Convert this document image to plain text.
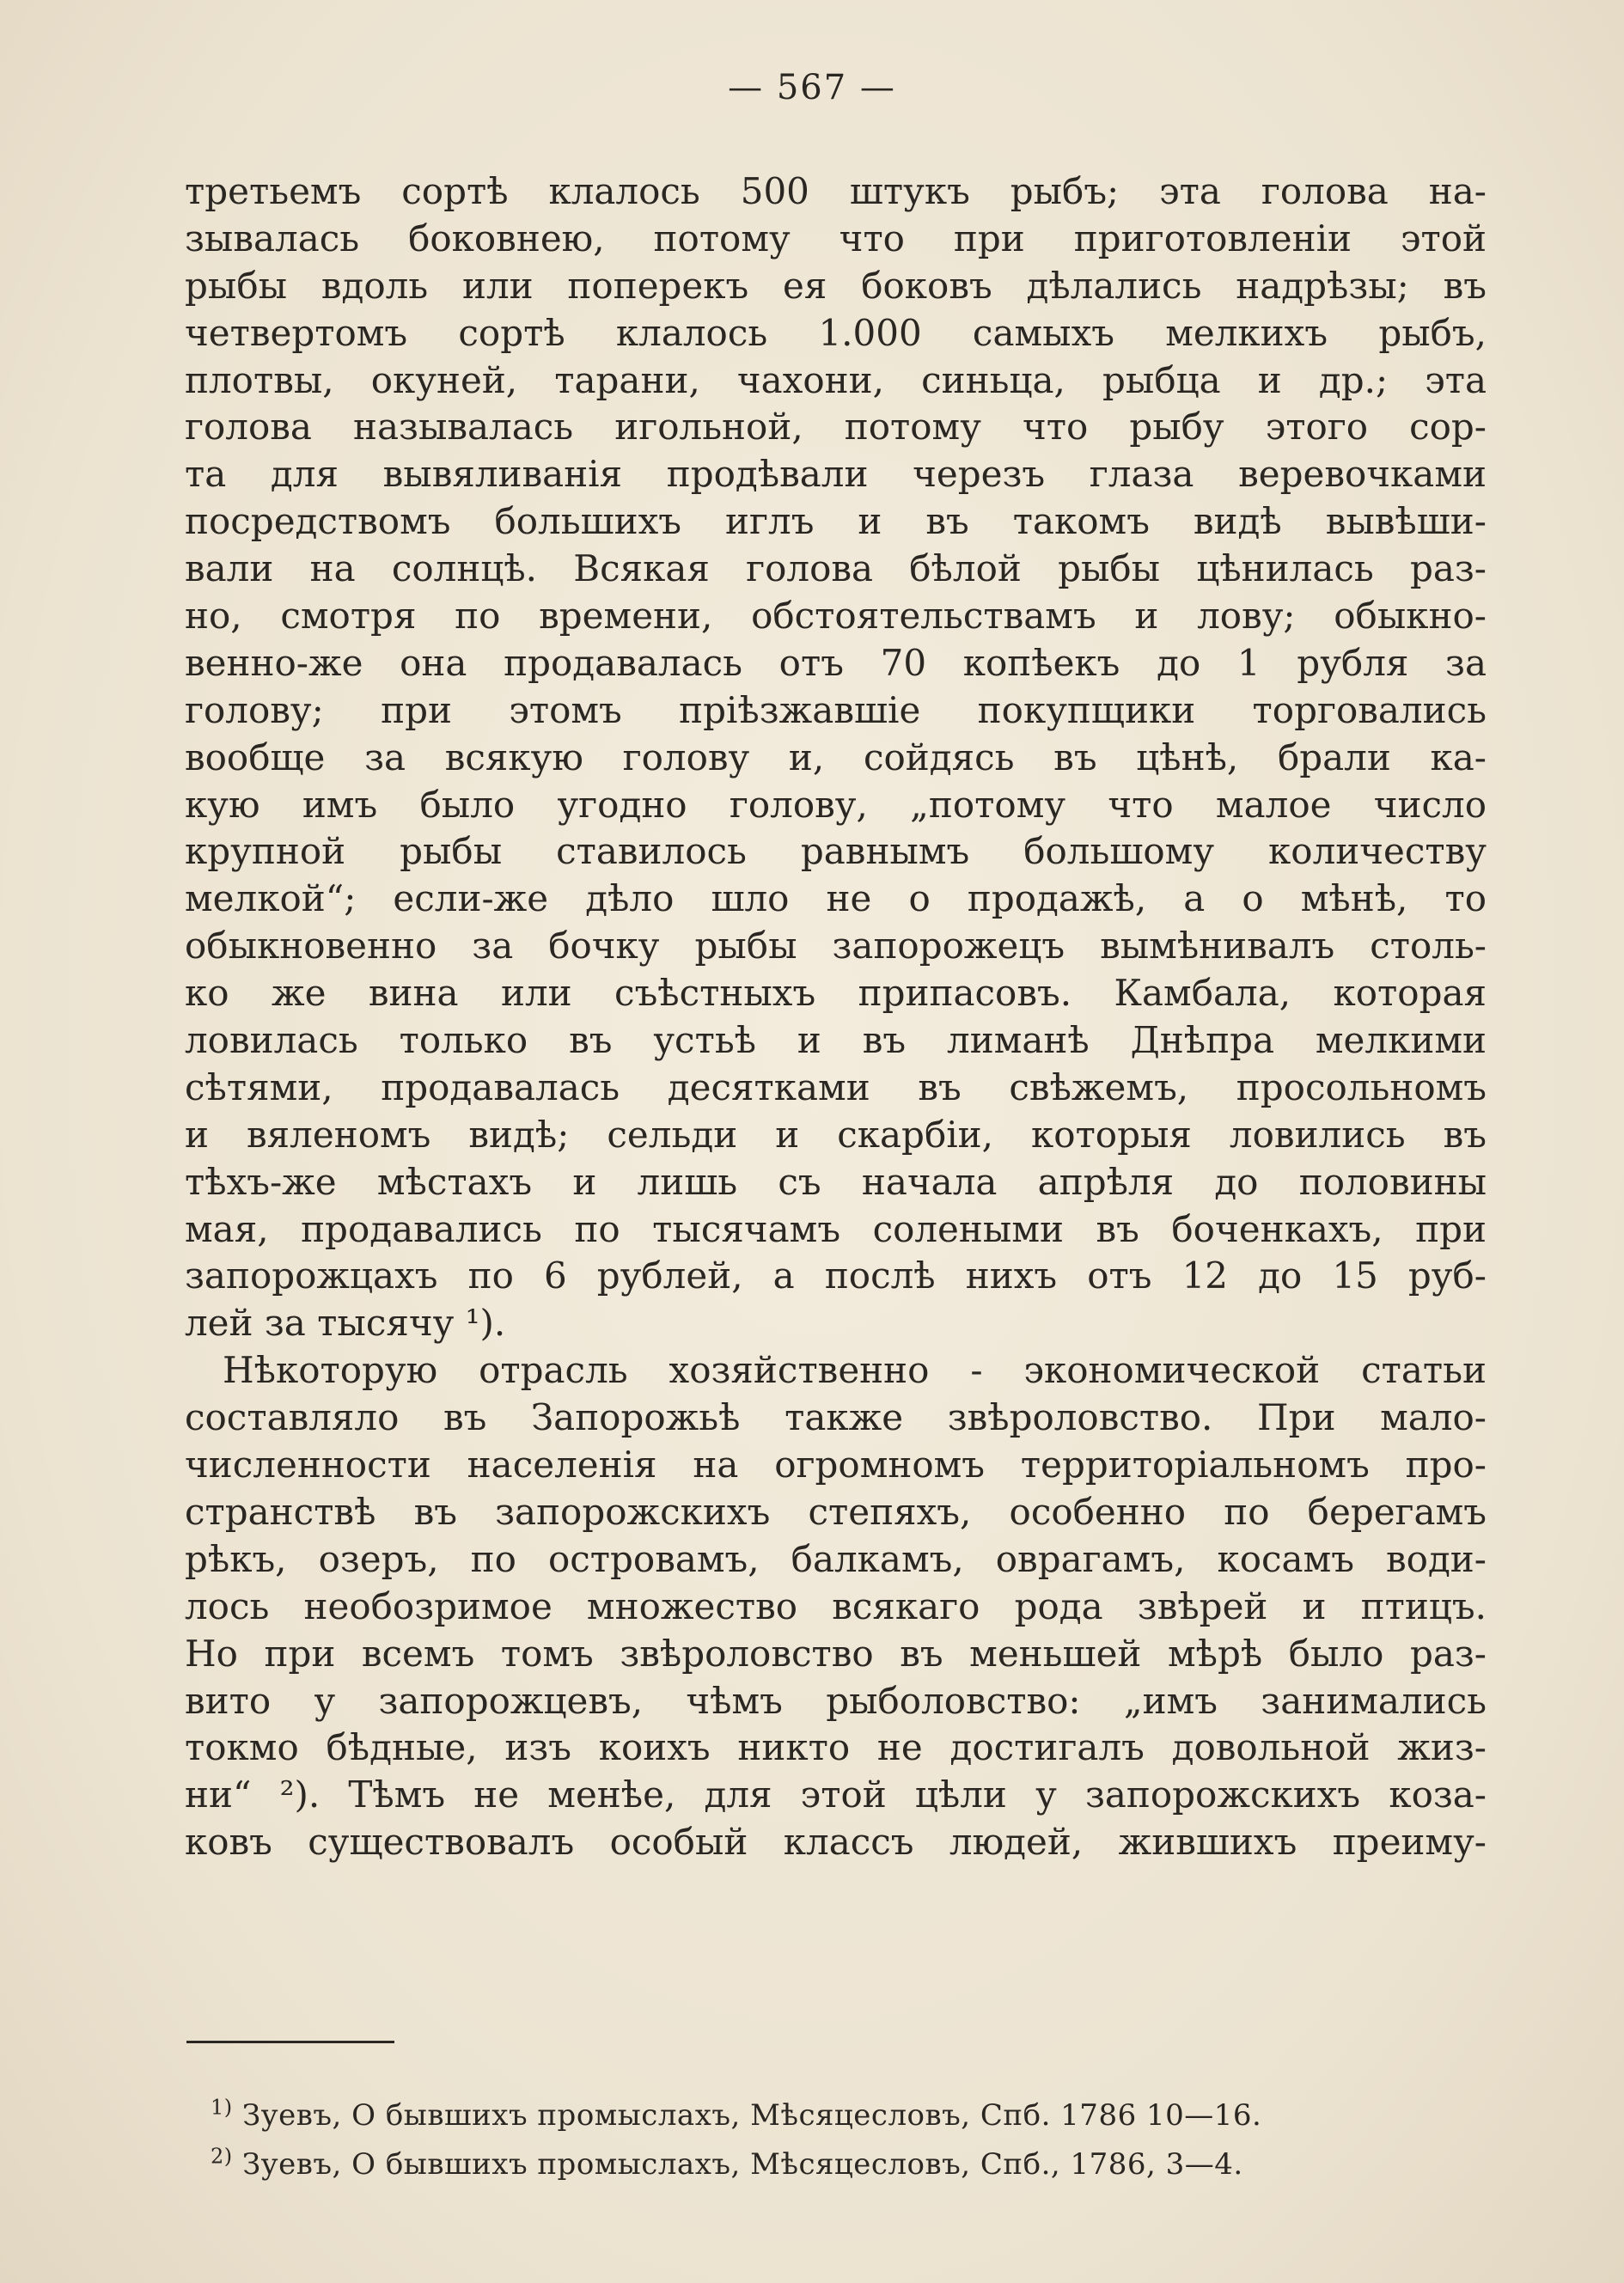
— 567 —
третьемъ сортѣ клалось 500 штукъ рыбъ; эта голова на-
зывалась боковнею, потому что при приготовленіи этой
рыбы вдоль или поперекъ ея боковъ дѣлались надрѣзы; въ
четвертомъ сортѣ клалось 1.000 самыхъ мелкихъ рыбъ,
плотвы, окуней, тарани, чахони, синьца, рыбца и др.; эта
голова называлась игольной, потому что рыбу этого сор-
та для вывяливанія продѣвали черезъ глаза веревочками
посредствомъ большихъ иглъ и въ такомъ видѣ вывѣши-
вали на солнцѣ. Всякая голова бѣлой рыбы цѣнилась раз-
но, смотря по времени, обстоятельствамъ и лову; обыкно-
венно-же она продавалась отъ 70 копѣекъ до 1 рубля за
голову; при этомъ пріѣзжавшіе покупщики торговались
вообще за всякую голову и, сойдясь въ цѣнѣ, брали ка-
кую имъ было угодно голову, „потому что малое число
крупной рыбы ставилось равнымъ большому количеству
мелкой“; если-же дѣло шло не о продажѣ, а о мѣнѣ, то
обыкновенно за бочку рыбы запорожецъ вымѣнивалъ столь-
ко же вина или съѣстныхъ припасовъ. Камбала, которая
ловилась только въ устьѣ и въ лиманѣ Днѣпра мелкими
сѣтями, продавалась десятками въ свѣжемъ, просольномъ
и вяленомъ видѣ; сельди и скарбіи, которыя ловились въ
тѣхъ-же мѣстахъ и лишь съ начала апрѣля до половины
мая, продавались по тысячамъ солеными въ боченкахъ, при
запорожцахъ по 6 рублей, а послѣ нихъ отъ 12 до 15 руб-
лей за тысячу ¹).
Нѣкоторую отрасль хозяйственно - экономической статьи
составляло въ Запорожьѣ также звѣроловство. При мало-
численности населенія на огромномъ территоріальномъ про-
странствѣ въ запорожскихъ степяхъ, особенно по берегамъ
рѣкъ, озеръ, по островамъ, балкамъ, оврагамъ, косамъ води-
лось необозримое множество всякаго рода звѣрей и птицъ.
Но при всемъ томъ звѣроловство въ меньшей мѣрѣ было раз-
вито у запорожцевъ, чѣмъ рыболовство: „имъ занимались
токмо бѣдные, изъ коихъ никто не достигалъ довольной жиз-
ни“ ²). Тѣмъ не менѣе, для этой цѣли у запорожскихъ коза-
ковъ существовалъ особый классъ людей, жившихъ преиму-
$^{1)}$ Зуевъ, О бывшихъ промыслахъ, Мѣсяцесловъ, Спб. 1786 10—16.
$^{2)}$ Зуевъ, О бывшихъ промыслахъ, Мѣсяцесловъ, Спб., 1786, 3—4.
